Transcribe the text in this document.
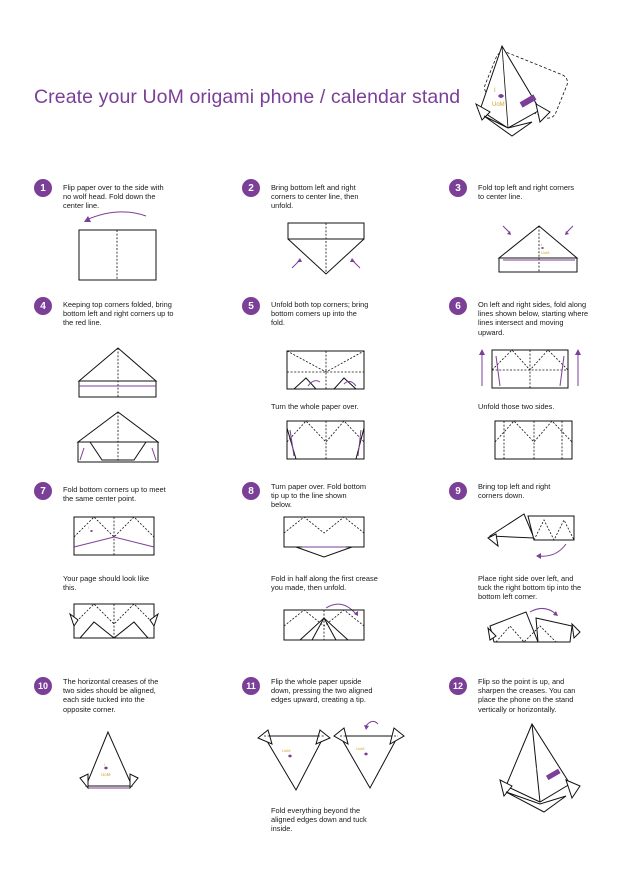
Create your UoM origami phone / calendar stand	I
UoM
1	Flip paper over to the side with no wolf head. Fold down the center line.
2	Bring bottom left and right corners to center line, then unfold.
3	Fold top left and right corners to center line.
I
UoM
4	Keeping top corners folded, bring bottom left and right corners up to the red line.
5	Unfold both top corners; bring bottom corners up into the fold.
Turn the whole paper over.
6	On left and right sides, fold along lines shown below, starting where lines intersect and moving upward.
Unfold those two sides.
7	Fold bottom corners up to meet the same center point.
Your page should look like this.
I
8	Turn paper over. Fold bottom tip up to the line shown below.
Fold in half along the first crease you made, then unfold.
9	Bring top left and right corners down.
Place right side over left, and tuck the right bottom tip into the bottom left corner.
10	The horizontal creases of the two sides should be aligned, each side tucked into the opposite corner.
I
UoM
11	Flip the whole paper upside down, pressing the two aligned edges upward, creating a tip.
Fold everything beyond the aligned edges down and tuck inside.
UoM	UoM
12	Flip so the point is up, and sharpen the creases. You can place the phone on the stand vertically or horizontally.
I
